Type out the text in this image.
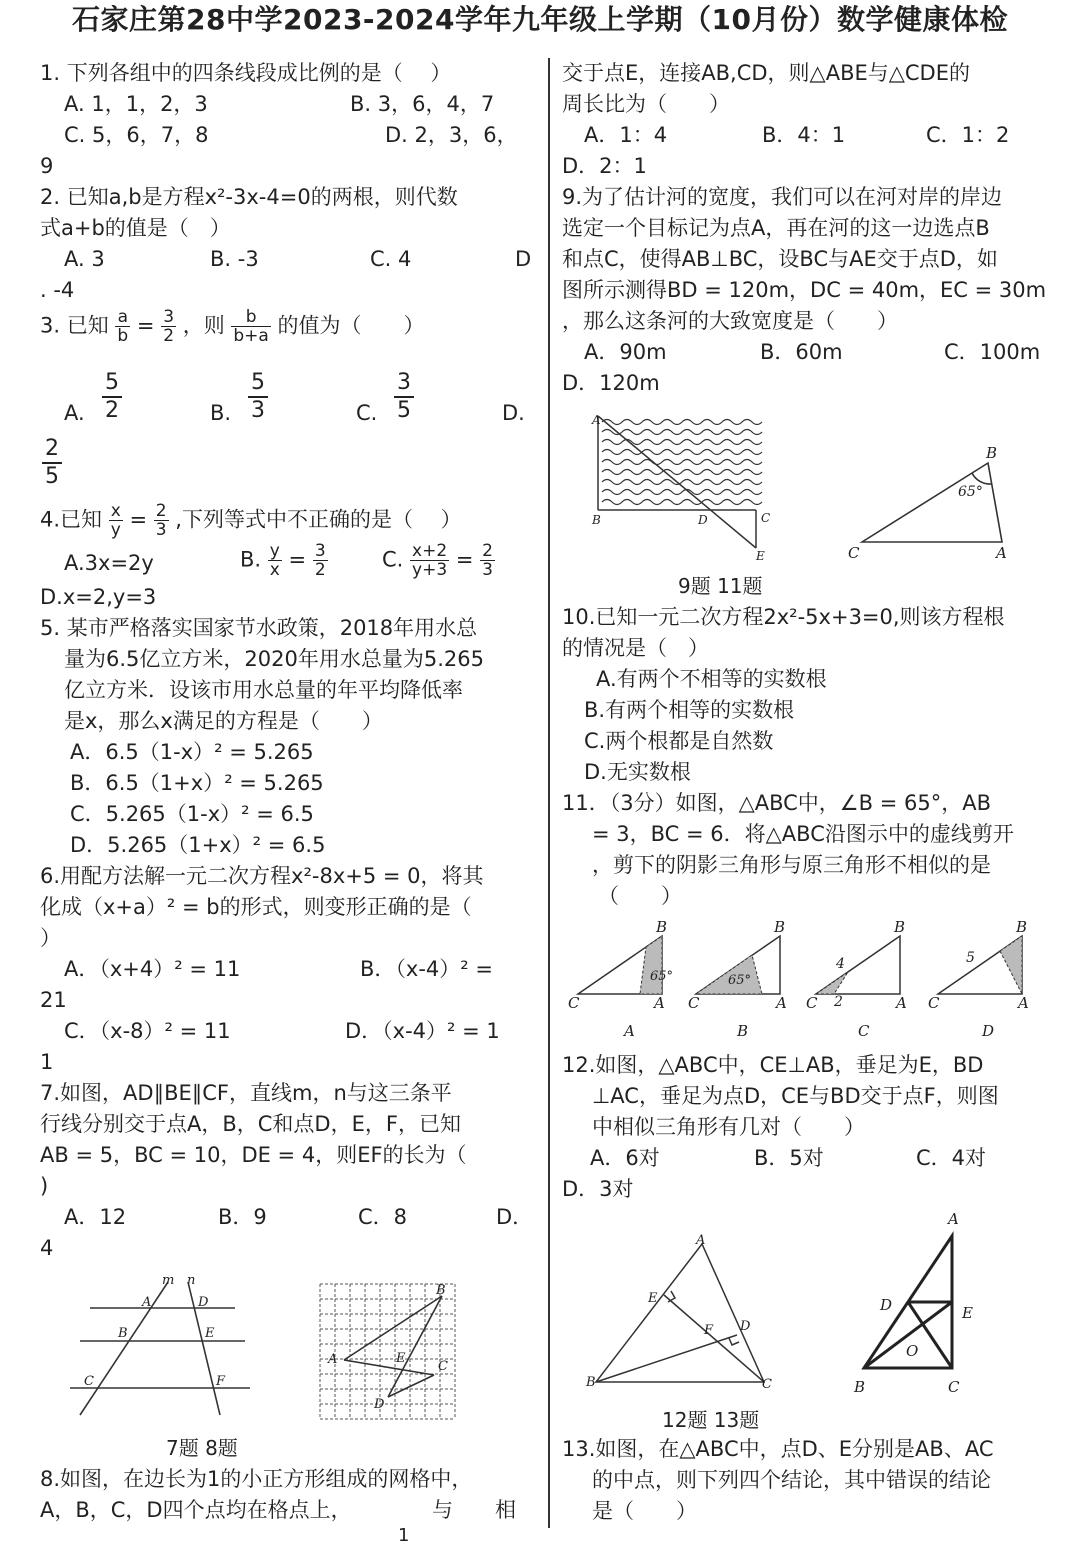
石家庄第28中学2023-2024学年九年级上学期（10月份）数学健康体检
1. 下列各组中的四条线段成比例的是（　 ）
A. 1，1，2，3	B. 3，6，4，7
C. 5，6，7，8	D. 2，3，6，
9
2. 已知a,b是方程x²-3x-4=0的两根，则代数
式a+b的值是（　）
A. 3	B. -3	C. 4	D
. -4
3. 已知 $\frac{a}{b} = \frac{3}{2}$ ，则 $\frac{b}{b+a}$ 的值为（　　）
A. $\frac{5}{2}$	B. $\frac{5}{3}$	C. $\frac{3}{5}$	D.
$\frac{2}{5}$
4.已知 $\frac{x}{y} = \frac{2}{3}$ ,下列等式中不正确的是（　 ）
A.3x=2y	B. $\frac{y}{x} = \frac{3}{2}$	C. $\frac{x+2}{y+3} = \frac{2}{3}$
D.x=2,y=3
5. 某市严格落实国家节水政策，2018年用水总
量为6.5亿立方米，2020年用水总量为5.265
亿立方米．设该市用水总量的年平均降低率
是x，那么x满足的方程是（　　）
A．6.5（1-x）² = 5.265
B．6.5（1+x）² = 5.265
C．5.265（1-x）² = 6.5
D．5.265（1+x）² = 6.5
6.用配方法解一元二次方程x²-8x+5 = 0，将其
化成（x+a）² = b的形式，则变形正确的是（
）
A．（x+4）² = 11	B．（x-4）² =
21
C．（x-8）² = 11	D．（x-4）² = 1
1
7.如图，AD∥BE∥CF，直线m，n与这三条平
行线分别交于点A，B，C和点D，E，F，已知
AB = 5，BC = 10，DE = 4，则EF的长为（
)
A．12	B．9	C．8	D．
4
m n
A	D
B	E
C	F
B
A	E
C
D
7题 8题
8.如图，在边长为1的小正方形组成的网格中，
A，B，C，D四个点均在格点上，	与 相
1
交于点E，连接AB,CD，则△ABE与△CDE的
周长比为（　　）
A．1：4	B．4：1	C．1：2
D．2：1
9.为了估计河的宽度，我们可以在河对岸的岸边
选定一个目标记为点A，再在河的这一边选点B
和点C，使得AB⊥BC，设BC与AE交于点D，如
图所示测得BD = 120m，DC = 40m，EC = 30m
，那么这条河的大致宽度是（　　）
A．90m	B．60m	C．100m
D．120m
A
B	D	C
E
B
65°
C	A
9题 11题
10.已知一元二次方程2x²-5x+3=0,则该方程根
的情况是（　）
A.有两个不相等的实数根
B.有两个相等的实数根
C.两个根都是自然数
D.无实数根
11．（3分）如图，△ABC中，∠B = 65°，AB
= 3，BC = 6．将△ABC沿图示中的虚线剪开
，剪下的阴影三角形与原三角形不相似的是
（　　）
B
65°
C	A
A
B
65°
C	A
B
B
4
2
C	A
C
B
5
C	A
D
12.如图，△ABC中，CE⊥AB，垂足为E，BD
⊥AC，垂足为点D，CE与BD交于点F，则图
中相似三角形有几对（　　）
A．6对	B．5对	C．4对
D．3对
A
E
D
F
B	C
A
D	E
O
B	C
12题 13题
13.如图，在△ABC中，点D、E分别是AB、AC
的中点，则下列四个结论，其中错误的结论
是（　　）
